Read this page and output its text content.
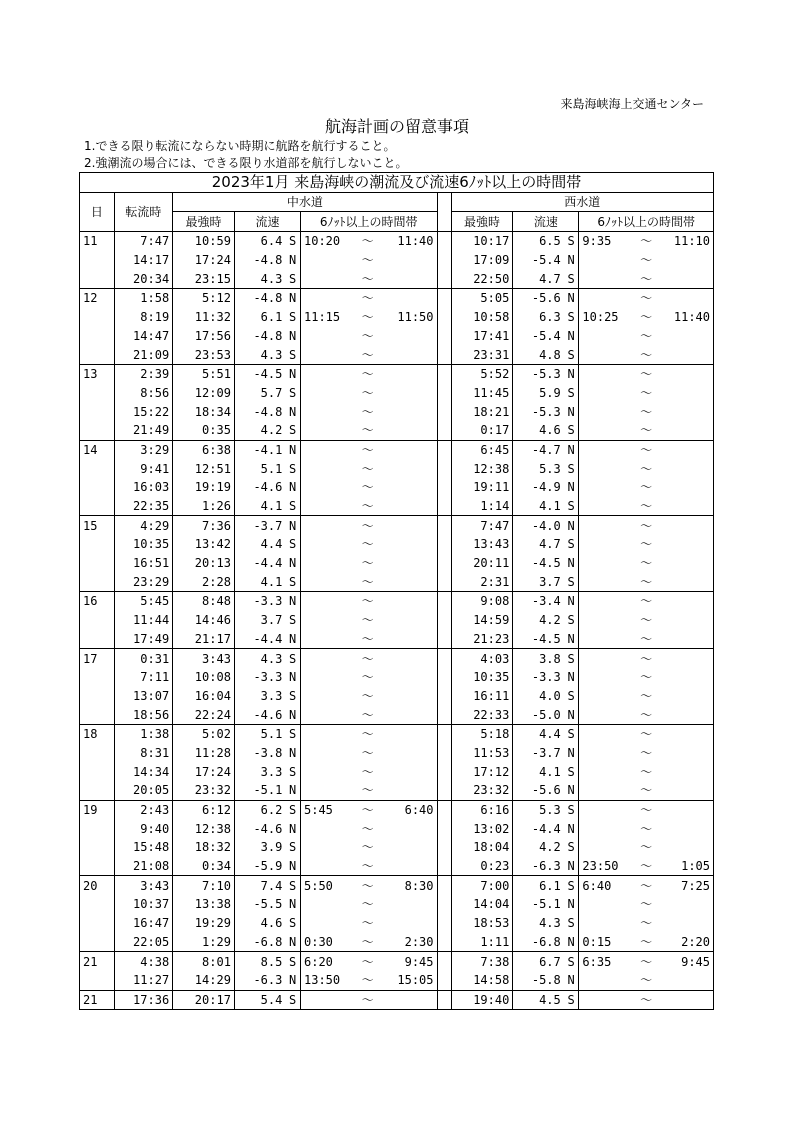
来島海峡海上交通センター
航海計画の留意事項
1.できる限り転流にならない時期に航路を航行すること。
2.強潮流の場合には、できる限り水道部を航行しないこと。
2023年1月 来島海峡の潮流及び流速6ﾉｯﾄ以上の時間帯														
日	転流時	中水道							西水道					
		最強時	流速		6ﾉｯﾄ以上の時間帯				最強時	流速		6ﾉｯﾄ以上の時間帯		
11	7:47	10:59	6.4	S	10:20	～	11:40		10:17	6.5	S	9:35	～	11:10
	14:17	17:24	-4.8	N		～			17:09	-5.4	N		～	
	20:34	23:15	4.3	S		～			22:50	4.7	S		～	
12	1:58	5:12	-4.8	N		～			5:05	-5.6	N		～	
	8:19	11:32	6.1	S	11:15	～	11:50		10:58	6.3	S	10:25	～	11:40
	14:47	17:56	-4.8	N		～			17:41	-5.4	N		～	
	21:09	23:53	4.3	S		～			23:31	4.8	S		～	
13	2:39	5:51	-4.5	N		～			5:52	-5.3	N		～	
	8:56	12:09	5.7	S		～			11:45	5.9	S		～	
	15:22	18:34	-4.8	N		～			18:21	-5.3	N		～	
	21:49	0:35	4.2	S		～			0:17	4.6	S		～	
14	3:29	6:38	-4.1	N		～			6:45	-4.7	N		～	
	9:41	12:51	5.1	S		～			12:38	5.3	S		～	
	16:03	19:19	-4.6	N		～			19:11	-4.9	N		～	
	22:35	1:26	4.1	S		～			1:14	4.1	S		～	
15	4:29	7:36	-3.7	N		～			7:47	-4.0	N		～	
	10:35	13:42	4.4	S		～			13:43	4.7	S		～	
	16:51	20:13	-4.4	N		～			20:11	-4.5	N		～	
	23:29	2:28	4.1	S		～			2:31	3.7	S		～	
16	5:45	8:48	-3.3	N		～			9:08	-3.4	N		～	
	11:44	14:46	3.7	S		～			14:59	4.2	S		～	
	17:49	21:17	-4.4	N		～			21:23	-4.5	N		～	
17	0:31	3:43	4.3	S		～			4:03	3.8	S		～	
	7:11	10:08	-3.3	N		～			10:35	-3.3	N		～	
	13:07	16:04	3.3	S		～			16:11	4.0	S		～	
	18:56	22:24	-4.6	N		～			22:33	-5.0	N		～	
18	1:38	5:02	5.1	S		～			5:18	4.4	S		～	
	8:31	11:28	-3.8	N		～			11:53	-3.7	N		～	
	14:34	17:24	3.3	S		～			17:12	4.1	S		～	
	20:05	23:32	-5.1	N		～			23:32	-5.6	N		～	
19	2:43	6:12	6.2	S	5:45	～	6:40		6:16	5.3	S		～	
	9:40	12:38	-4.6	N		～			13:02	-4.4	N		～	
	15:48	18:32	3.9	S		～			18:04	4.2	S		～	
	21:08	0:34	-5.9	N		～			0:23	-6.3	N	23:50	～	1:05
20	3:43	7:10	7.4	S	5:50	～	8:30		7:00	6.1	S	6:40	～	7:25
	10:37	13:38	-5.5	N		～			14:04	-5.1	N		～	
	16:47	19:29	4.6	S		～			18:53	4.3	S		～	
	22:05	1:29	-6.8	N	0:30	～	2:30		1:11	-6.8	N	0:15	～	2:20
21	4:38	8:01	8.5	S	6:20	～	9:45		7:38	6.7	S	6:35	～	9:45
	11:27	14:29	-6.3	N	13:50	～	15:05		14:58	-5.8	N		～	
21	17:36	20:17	5.4	S		～			19:40	4.5	S		～	
